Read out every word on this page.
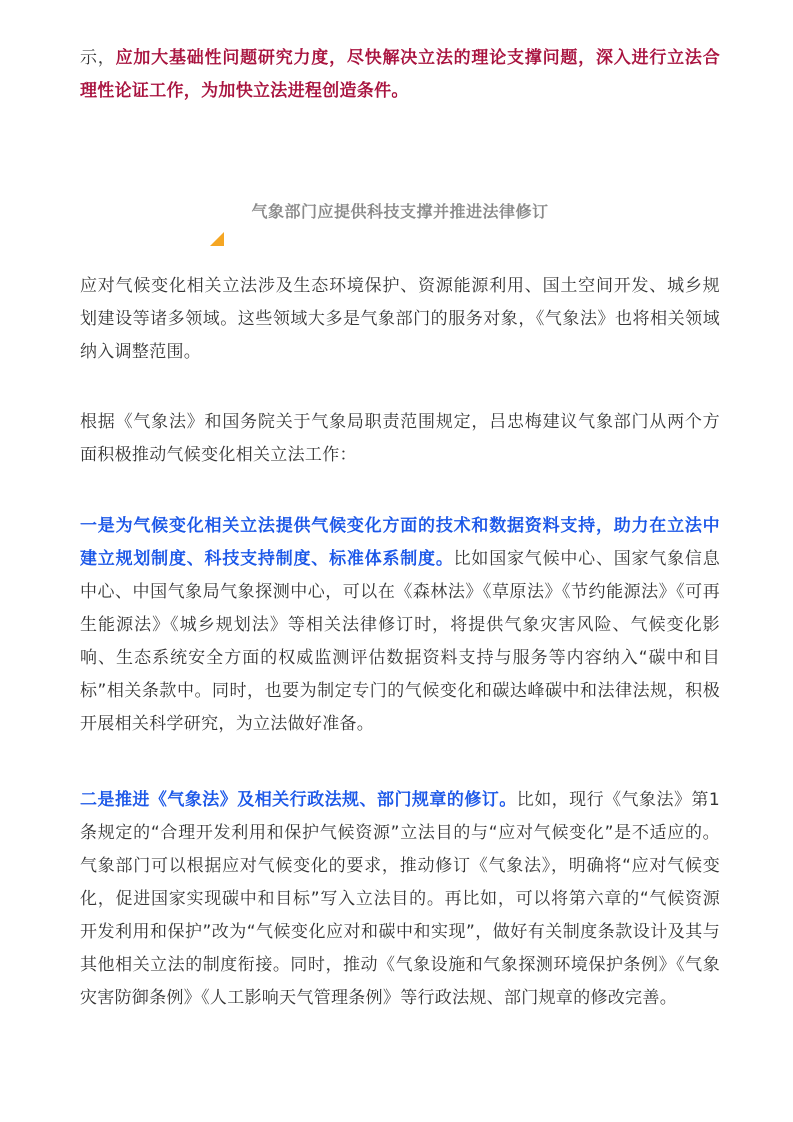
示，应加大基础性问题研究力度，尽快解决立法的理论支撑问题，深入进行立法合理性论证工作，为加快立法进程创造条件。

气象部门应提供科技支撑并推进法律修订

应对气候变化相关立法涉及生态环境保护、资源能源利用、国土空间开发、城乡规划建设等诸多领域。这些领域大多是气象部门的服务对象，《气象法》也将相关领域纳入调整范围。

根据《气象法》和国务院关于气象局职责范围规定，吕忠梅建议气象部门从两个方面积极推动气候变化相关立法工作：

一是为气候变化相关立法提供气候变化方面的技术和数据资料支持，助力在立法中建立规划制度、科技支持制度、标准体系制度。比如国家气候中心、国家气象信息中心、中国气象局气象探测中心，可以在《森林法》《草原法》《节约能源法》《可再生能源法》《城乡规划法》等相关法律修订时，将提供气象灾害风险、气候变化影响、生态系统安全方面的权威监测评估数据资料支持与服务等内容纳入“碳中和目标”相关条款中。同时，也要为制定专门的气候变化和碳达峰碳中和法律法规，积极开展相关科学研究，为立法做好准备。

二是推进《气象法》及相关行政法规、部门规章的修订。比如，现行《气象法》第1条规定的“合理开发利用和保护气候资源”立法目的与“应对气候变化”是不适应的。气象部门可以根据应对气候变化的要求，推动修订《气象法》，明确将“应对气候变化，促进国家实现碳中和目标”写入立法目的。再比如，可以将第六章的“气候资源开发利用和保护”改为“气候变化应对和碳中和实现”，做好有关制度条款设计及其与其他相关立法的制度衔接。同时，推动《气象设施和气象探测环境保护条例》《气象灾害防御条例》《人工影响天气管理条例》等行政法规、部门规章的修改完善。
